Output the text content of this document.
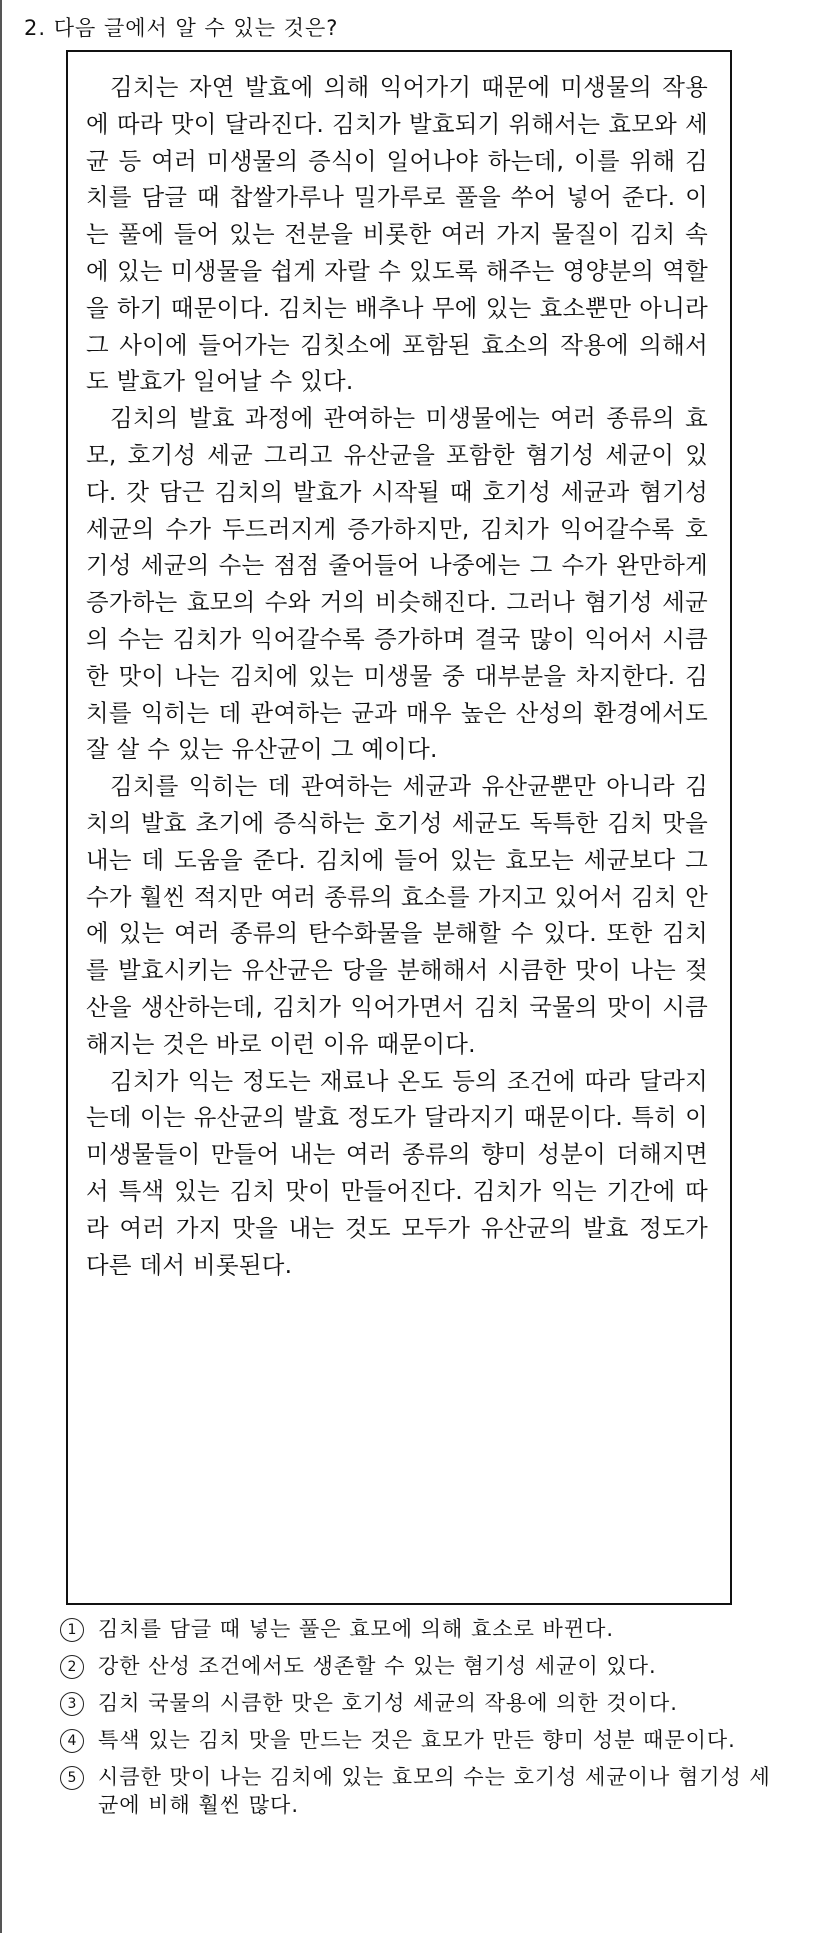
2. 다음 글에서 알 수 있는 것은?

김치는 자연 발효에 의해 익어가기 때문에 미생물의 작용에 따라 맛이 달라진다. 김치가 발효되기 위해서는 효모와 세균 등 여러 미생물의 증식이 일어나야 하는데, 이를 위해 김치를 담글 때 찹쌀가루나 밀가루로 풀을 쑤어 넣어 준다. 이는 풀에 들어 있는 전분을 비롯한 여러 가지 물질이 김치 속에 있는 미생물을 쉽게 자랄 수 있도록 해주는 영양분의 역할을 하기 때문이다. 김치는 배추나 무에 있는 효소뿐만 아니라 그 사이에 들어가는 김칫소에 포함된 효소의 작용에 의해서도 발효가 일어날 수 있다.

김치의 발효 과정에 관여하는 미생물에는 여러 종류의 효모, 호기성 세균 그리고 유산균을 포함한 혐기성 세균이 있다. 갓 담근 김치의 발효가 시작될 때 호기성 세균과 혐기성 세균의 수가 두드러지게 증가하지만, 김치가 익어갈수록 호기성 세균의 수는 점점 줄어들어 나중에는 그 수가 완만하게 증가하는 효모의 수와 거의 비슷해진다. 그러나 혐기성 세균의 수는 김치가 익어갈수록 증가하며 결국 많이 익어서 시큼한 맛이 나는 김치에 있는 미생물 중 대부분을 차지한다. 김치를 익히는 데 관여하는 균과 매우 높은 산성의 환경에서도 잘 살 수 있는 유산균이 그 예이다.

김치를 익히는 데 관여하는 세균과 유산균뿐만 아니라 김치의 발효 초기에 증식하는 호기성 세균도 독특한 김치 맛을 내는 데 도움을 준다. 김치에 들어 있는 효모는 세균보다 그 수가 훨씬 적지만 여러 종류의 효소를 가지고 있어서 김치 안에 있는 여러 종류의 탄수화물을 분해할 수 있다. 또한 김치를 발효시키는 유산균은 당을 분해해서 시큼한 맛이 나는 젖산을 생산하는데, 김치가 익어가면서 김치 국물의 맛이 시큼해지는 것은 바로 이런 이유 때문이다.

김치가 익는 정도는 재료나 온도 등의 조건에 따라 달라지는데 이는 유산균의 발효 정도가 달라지기 때문이다. 특히 이 미생물들이 만들어 내는 여러 종류의 향미 성분이 더해지면서 특색 있는 김치 맛이 만들어진다. 김치가 익는 기간에 따라 여러 가지 맛을 내는 것도 모두가 유산균의 발효 정도가 다른 데서 비롯된다.

1	김치를 담글 때 넣는 풀은 효모에 의해 효소로 바뀐다.
2	강한 산성 조건에서도 생존할 수 있는 혐기성 세균이 있다.
3	김치 국물의 시큼한 맛은 호기성 세균의 작용에 의한 것이다.
4	특색 있는 김치 맛을 만드는 것은 효모가 만든 향미 성분 때문이다.
5	시큼한 맛이 나는 김치에 있는 효모의 수는 호기성 세균이나 혐기성 세균에 비해 훨씬 많다.
